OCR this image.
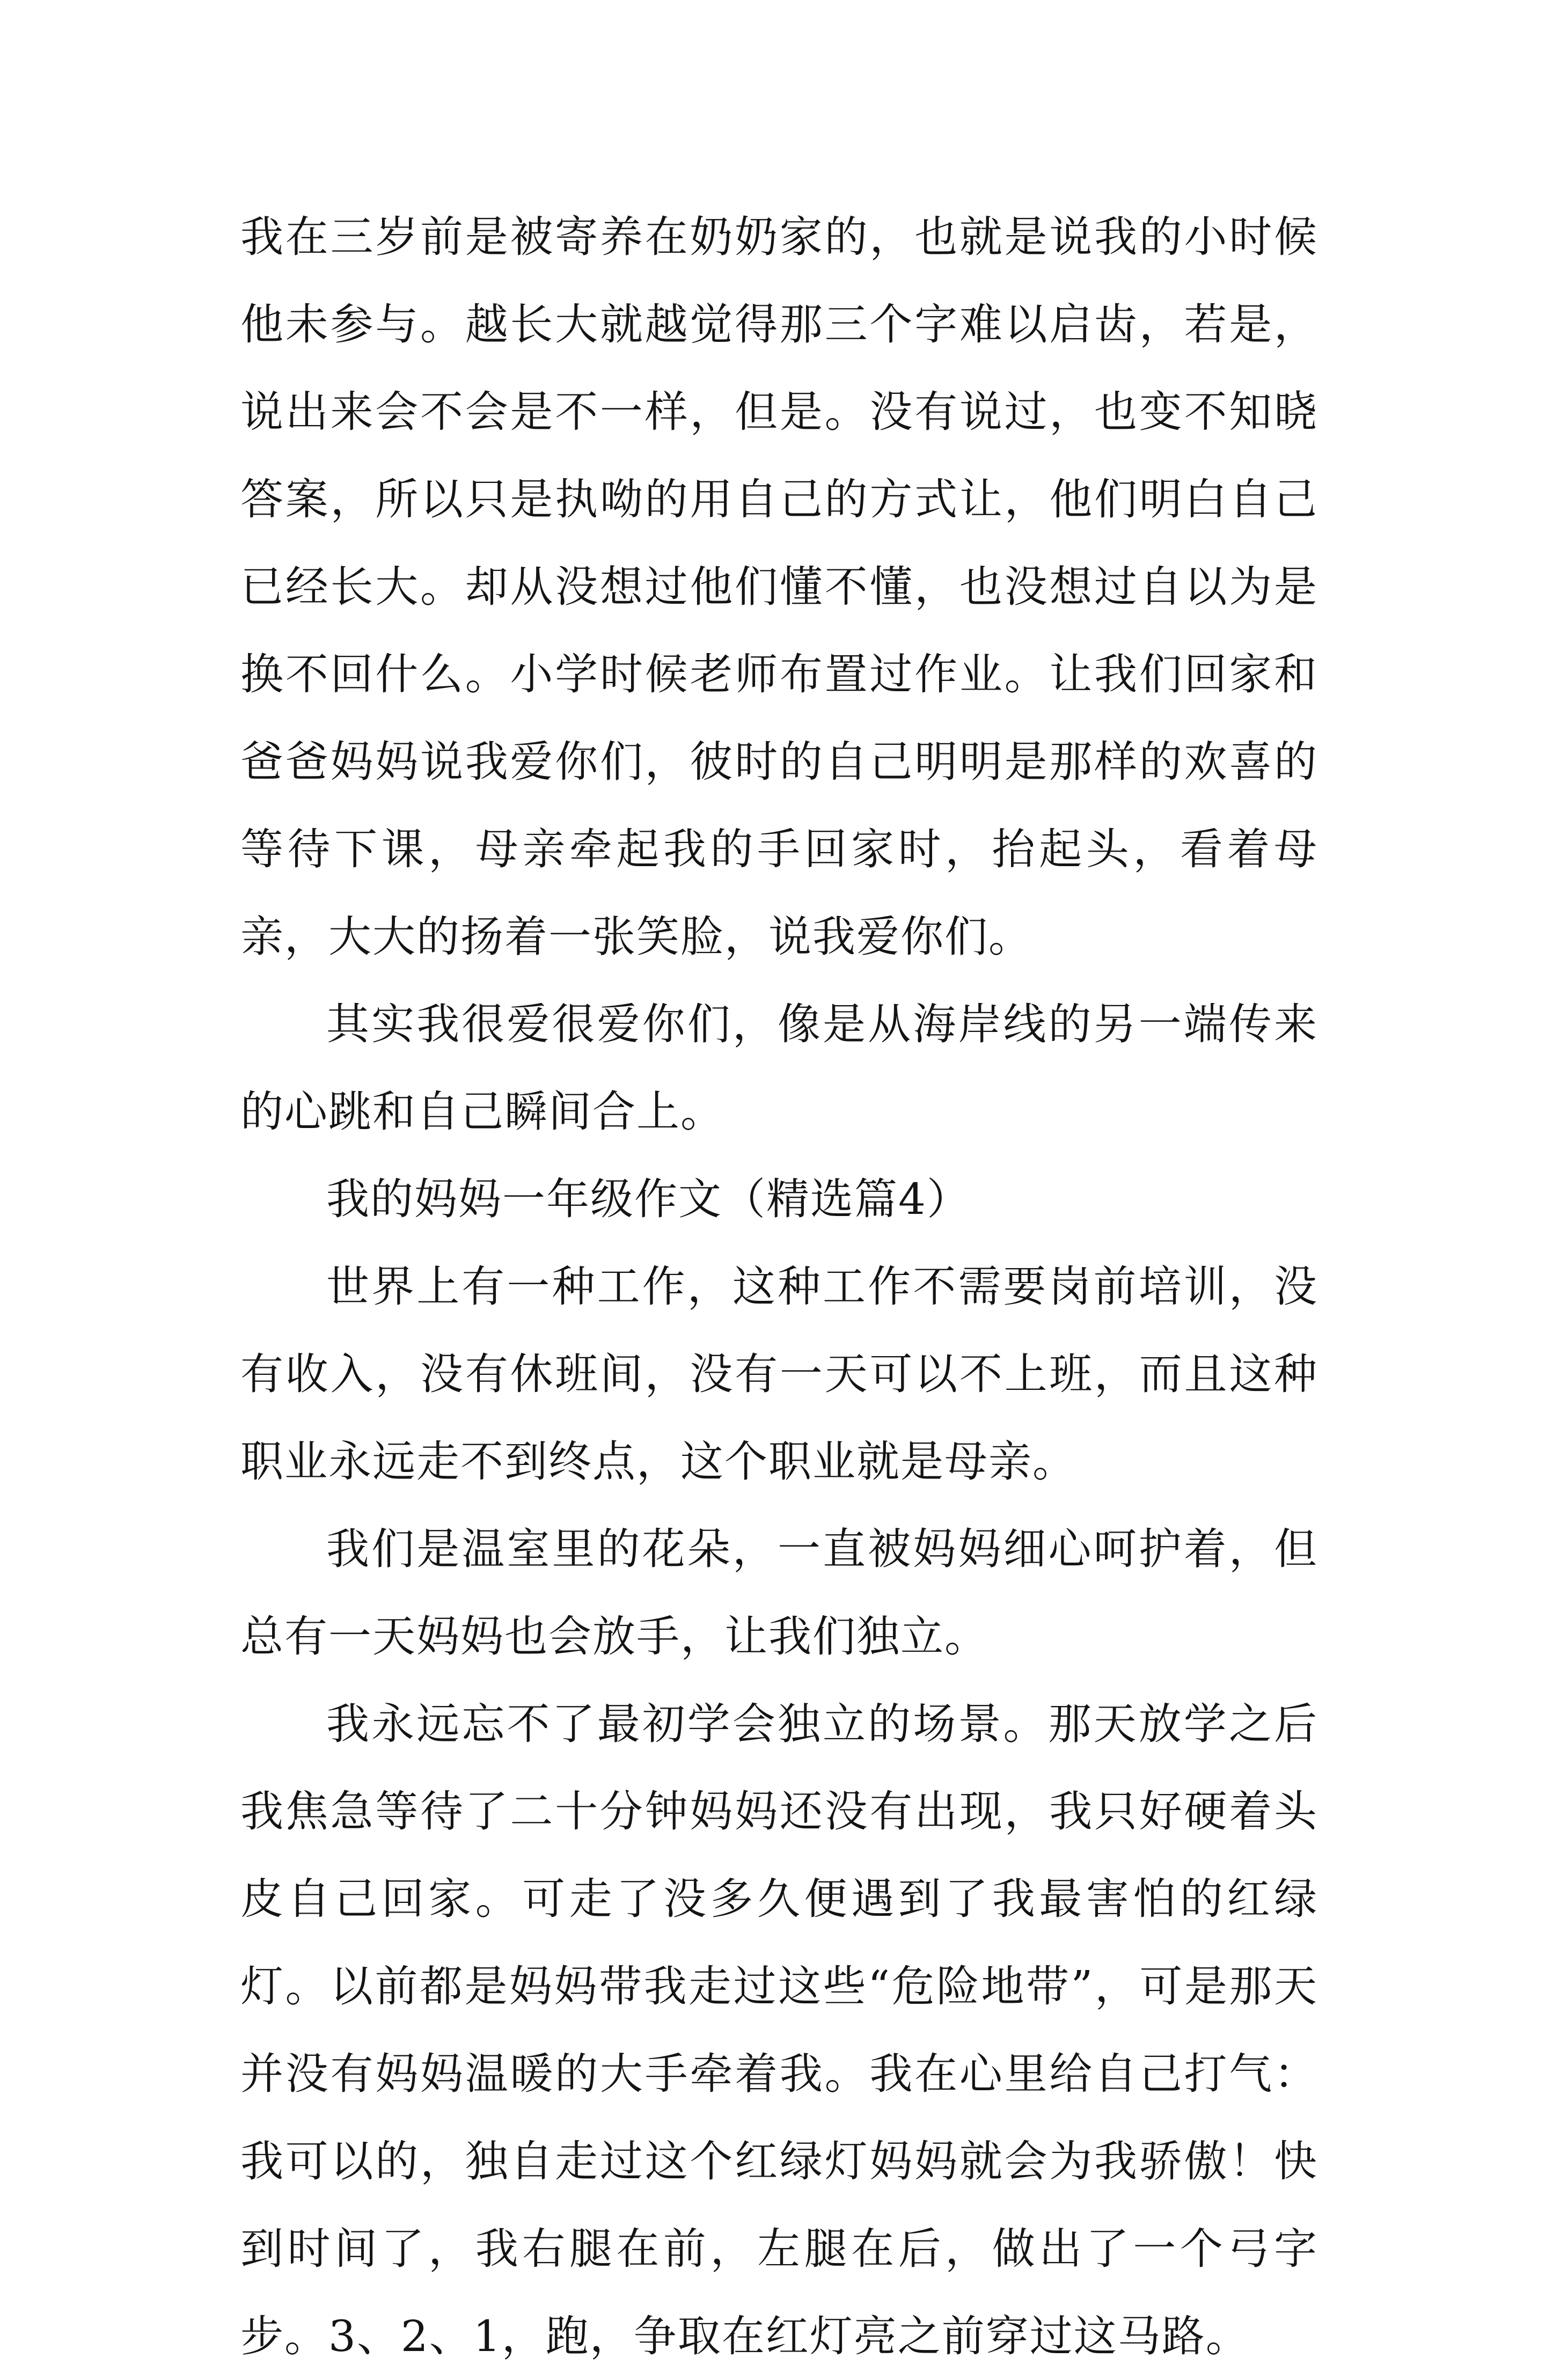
我在三岁前是被寄养在奶奶家的，也就是说我的小时候他未参与。越长大就越觉得那三个字难以启齿，若是，说出来会不会是不一样，但是。没有说过，也变不知晓答案，所以只是执呦的用自己的方式让，他们明白自己已经长大。却从没想过他们懂不懂，也没想过自以为是换不回什么。小学时候老师布置过作业。让我们回家和爸爸妈妈说我爱你们，彼时的自己明明是那样的欢喜的等待下课，母亲牵起我的手回家时，抬起头，看着母亲，大大的扬着一张笑脸，说我爱你们。

其实我很爱很爱你们，像是从海岸线的另一端传来的心跳和自己瞬间合上。

我的妈妈一年级作文（精选篇4）

世界上有一种工作，这种工作不需要岗前培训，没有收入，没有休班间，没有一天可以不上班，而且这种职业永远走不到终点，这个职业就是母亲。

我们是温室里的花朵，一直被妈妈细心呵护着，但总有一天妈妈也会放手，让我们独立。

我永远忘不了最初学会独立的场景。那天放学之后我焦急等待了二十分钟妈妈还没有出现，我只好硬着头皮自己回家。可走了没多久便遇到了我最害怕的红绿灯。以前都是妈妈带我走过这些“危险地带”，可是那天并没有妈妈温暖的大手牵着我。我在心里给自己打气：我可以的，独自走过这个红绿灯妈妈就会为我骄傲！快到时间了，我右腿在前，左腿在后，做出了一个弓字步。3、2、1，跑，争取在红灯亮之前穿过这马路。
